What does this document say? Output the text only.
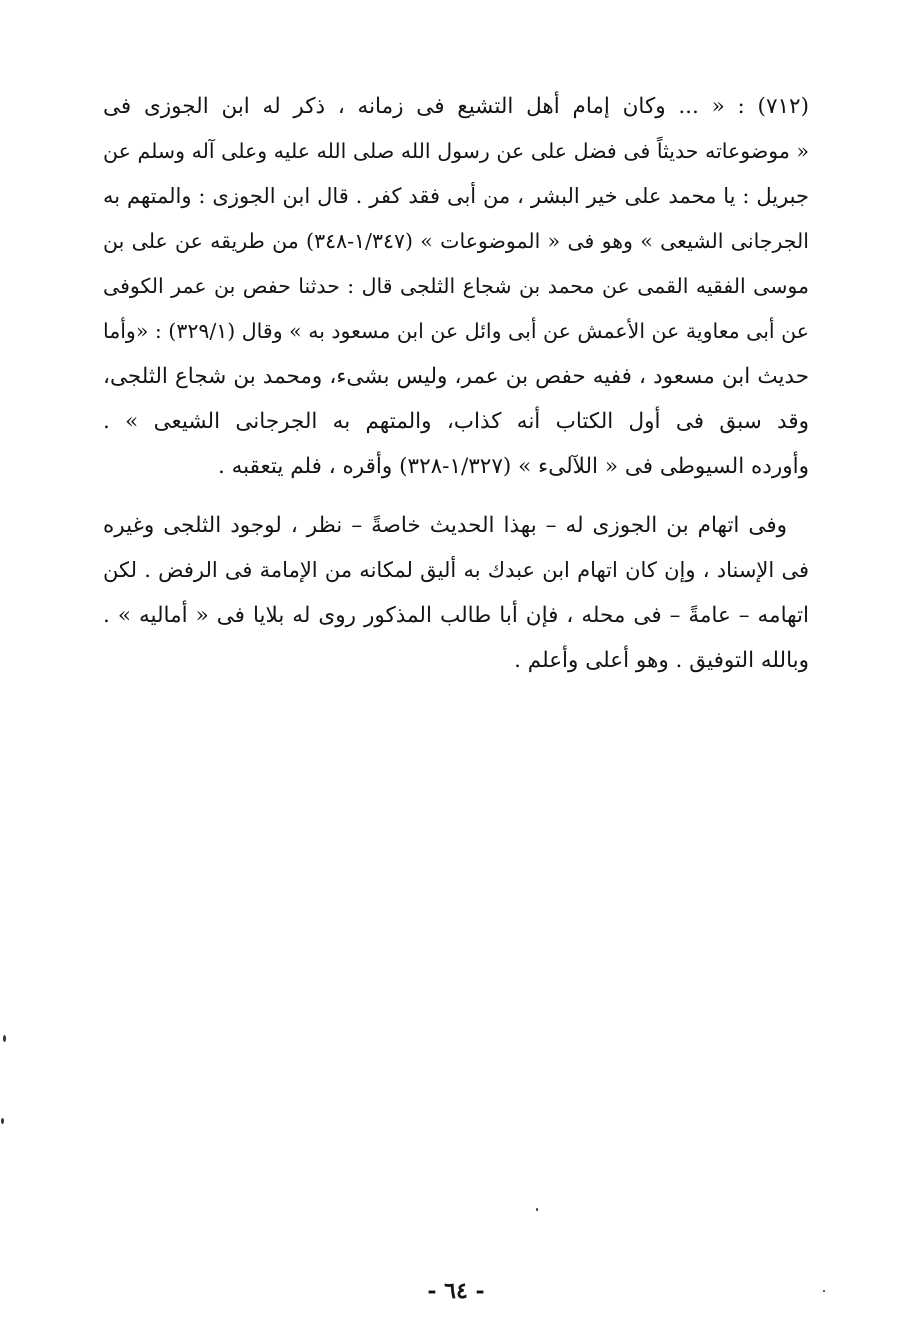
(٧١٢) : « ... وكان إمام أهل التشيع فى زمانه ، ذكر له ابن الجوزى فى
« موضوعاته حديثاً فى فضل على عن رسول الله صلى الله عليه وعلى آله وسلم عن
جبريل : يا محمد على خير البشر ، من أبى فقد كفر . قال ابن الجوزى : والمتهم به
الجرجانى الشيعى » وهو فى « الموضوعات » (١/٣٤٧-٣٤٨) من طريقه عن على بن
موسى الفقيه القمى عن محمد بن شجاع الثلجى قال : حدثنا حفص بن عمر الكوفى
عن أبى معاوية عن الأعمش عن أبى وائل عن ابن مسعود به » وقال (٣٢٩/١) : «وأما
حديث ابن مسعود ، ففيه حفص بن عمر، وليس بشىء، ومحمد بن شجاع الثلجى،
وقد سبق فى أول الكتاب أنه كذاب، والمتهم به الجرجانى الشيعى » .
وأورده السيوطى فى « اللآلىء » (١/٣٢٧-٣٢٨) وأقره ، فلم يتعقبه .
وفى اتهام بن الجوزى له – بهذا الحديث خاصةً – نظر ، لوجود الثلجى وغيره
فى الإسناد ، وإن كان اتهام ابن عبدك به أليق لمكانه من الإمامة فى الرفض . لكن
اتهامه – عامةً – فى محله ، فإن أبا طالب المذكور روى له بلايا فى « أماليه » .
وبالله التوفيق . وهو أعلى وأعلم .
- ٦٤ -
